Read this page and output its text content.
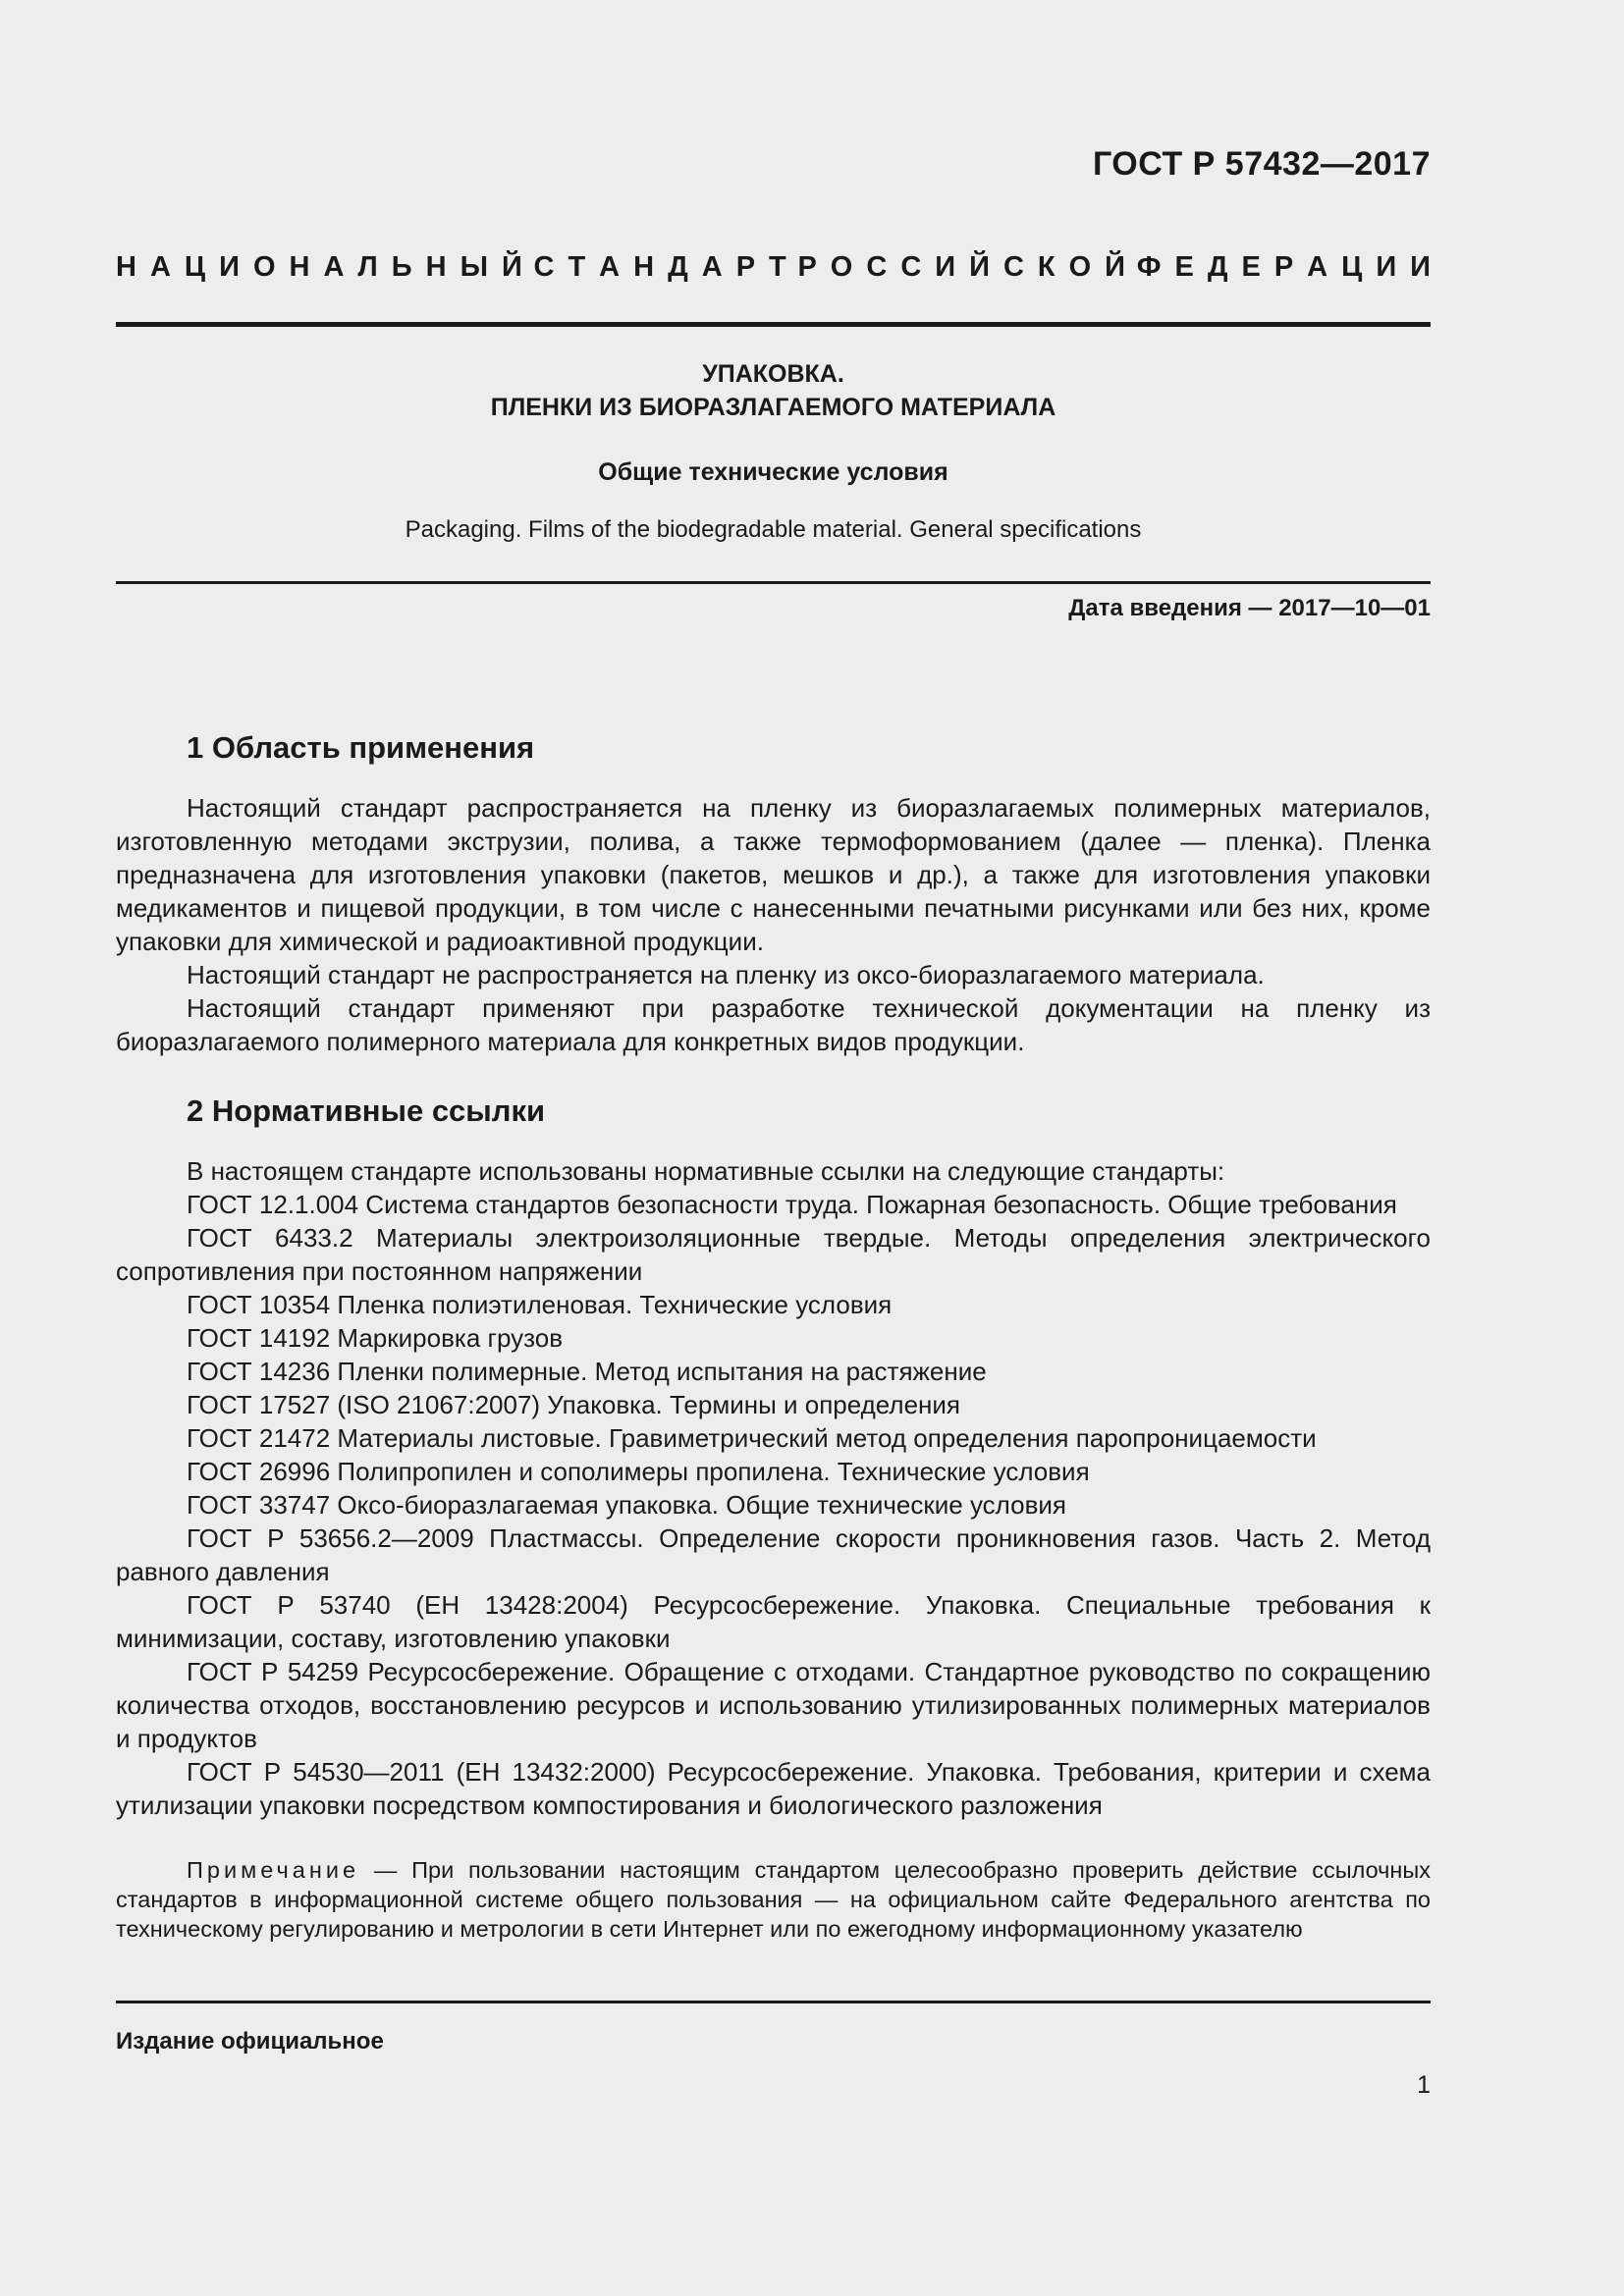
ГОСТ Р 57432—2017
Н А Ц И О Н А Л Ь Н Ы Й С Т А Н Д А Р Т Р О С С И Й С К О Й Ф Е Д Е Р А Ц И И
УПАКОВКА.
ПЛЕНКИ ИЗ БИОРАЗЛАГАЕМОГО МАТЕРИАЛА
Общие технические условия
Packaging. Films of the biodegradable material. General specifications
Дата введения — 2017—10—01
1 Область применения

Настоящий стандарт распространяется на пленку из биоразлагаемых полимерных материалов, изготовленную методами экструзии, полива, а также термоформованием (далее — пленка). Пленка предназначена для изготовления упаковки (пакетов, мешков и др.), а также для изготовления упаковки медикаментов и пищевой продукции, в том числе с нанесенными печатными рисунками или без них, кроме упаковки для химической и радиоактивной продукции.

Настоящий стандарт не распространяется на пленку из оксо-биоразлагаемого материала.

Настоящий стандарт применяют при разработке технической документации на пленку из биоразлагаемого полимерного материала для конкретных видов продукции.

2 Нормативные ссылки

В настоящем стандарте использованы нормативные ссылки на следующие стандарты:

ГОСТ 12.1.004 Система стандартов безопасности труда. Пожарная безопасность. Общие требования

ГОСТ 6433.2 Материалы электроизоляционные твердые. Методы определения электрического сопротивления при постоянном напряжении

ГОСТ 10354 Пленка полиэтиленовая. Технические условия

ГОСТ 14192 Маркировка грузов

ГОСТ 14236 Пленки полимерные. Метод испытания на растяжение

ГОСТ 17527 (ISO 21067:2007) Упаковка. Термины и определения

ГОСТ 21472 Материалы листовые. Гравиметрический метод определения паропроницаемости

ГОСТ 26996 Полипропилен и сополимеры пропилена. Технические условия

ГОСТ 33747 Оксо-биоразлагаемая упаковка. Общие технические условия

ГОСТ Р 53656.2—2009 Пластмассы. Определение скорости проникновения газов. Часть 2. Метод равного давления

ГОСТ Р 53740 (ЕН 13428:2004) Ресурсосбережение. Упаковка. Специальные требования к минимизации, составу, изготовлению упаковки

ГОСТ Р 54259 Ресурсосбережение. Обращение с отходами. Стандартное руководство по сокращению количества отходов, восстановлению ресурсов и использованию утилизированных полимерных материалов и продуктов

ГОСТ Р 54530—2011 (ЕН 13432:2000) Ресурсосбережение. Упаковка. Требования, критерии и схема утилизации упаковки посредством компостирования и биологического разложения

Примечание — При пользовании настоящим стандартом целесообразно проверить действие ссылочных стандартов в информационной системе общего пользования — на официальном сайте Федерального агентства по техническому регулированию и метрологии в сети Интернет или по ежегодному информационному указателю

Издание официальное
1
